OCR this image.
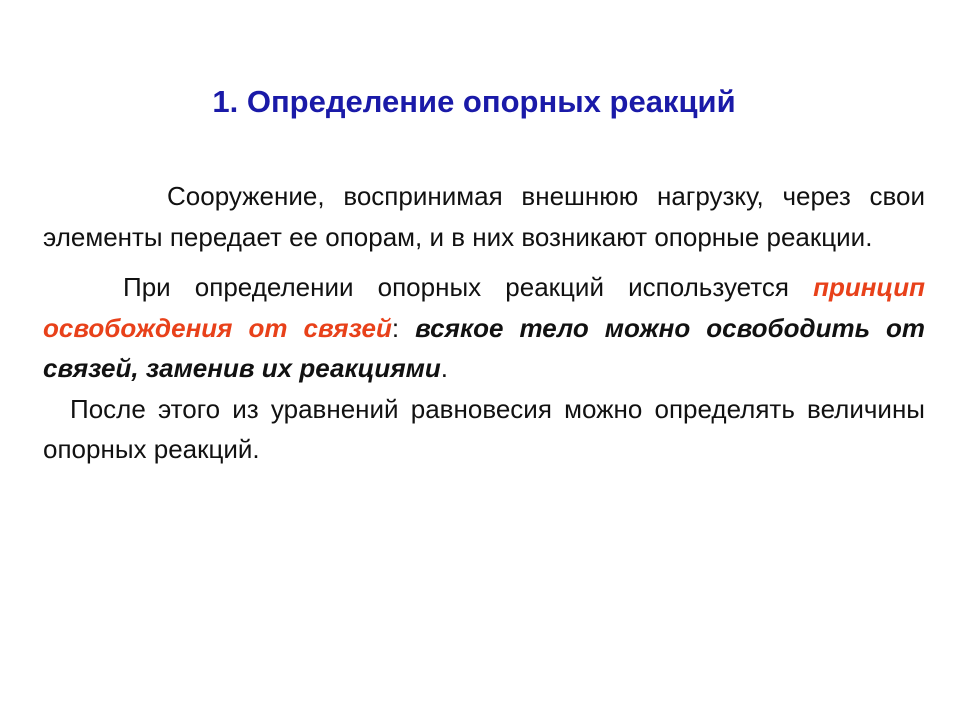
1. Определение опорных реакций

Сооружение, воспринимая внешнюю нагрузку, через свои элементы передает ее опорам, и в них возникают опорные реакции.

При определении опорных реакций используется принцип освобождения от связей: всякое тело можно освободить от связей, заменив их реакциями.

После этого из уравнений равновесия можно определять величины опорных реакций.
